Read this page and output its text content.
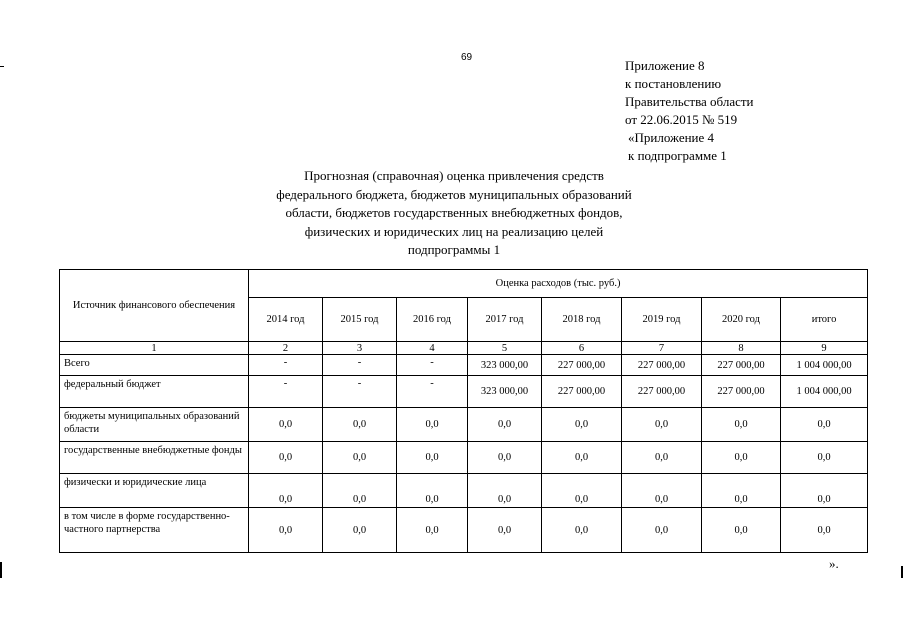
69
Приложение 8
к постановлению
Правительства области
от 22.06.2015 № 519
«Приложение 4
к подпрограмме 1
Прогнозная (справочная) оценка привлечения средств
федерального бюджета, бюджетов муниципальных образований
области, бюджетов государственных внебюджетных фондов,
физических и юридических лиц на реализацию целей
подпрограммы 1
Источник финансового обеспечения	Оценка расходов (тыс. руб.)							
	2014 год	2015 год	2016 год	2017 год	2018 год	2019 год	2020 год	итого
1	2	3	4	5	6	7	8	9
Всего	-	-	-	323 000,00	227 000,00	227 000,00	227 000,00	1 004 000,00
федеральный бюджет	-	-	-	323 000,00	227 000,00	227 000,00	227 000,00	1 004 000,00
бюджеты муниципальных образований области	0,0	0,0	0,0	0,0	0,0	0,0	0,0	0,0
государственные внебюджетные фонды	0,0	0,0	0,0	0,0	0,0	0,0	0,0	0,0
физически и юридические лица	0,0	0,0	0,0	0,0	0,0	0,0	0,0	0,0
в том числе в форме государственно-частного партнерства	0,0	0,0	0,0	0,0	0,0	0,0	0,0	0,0
».
